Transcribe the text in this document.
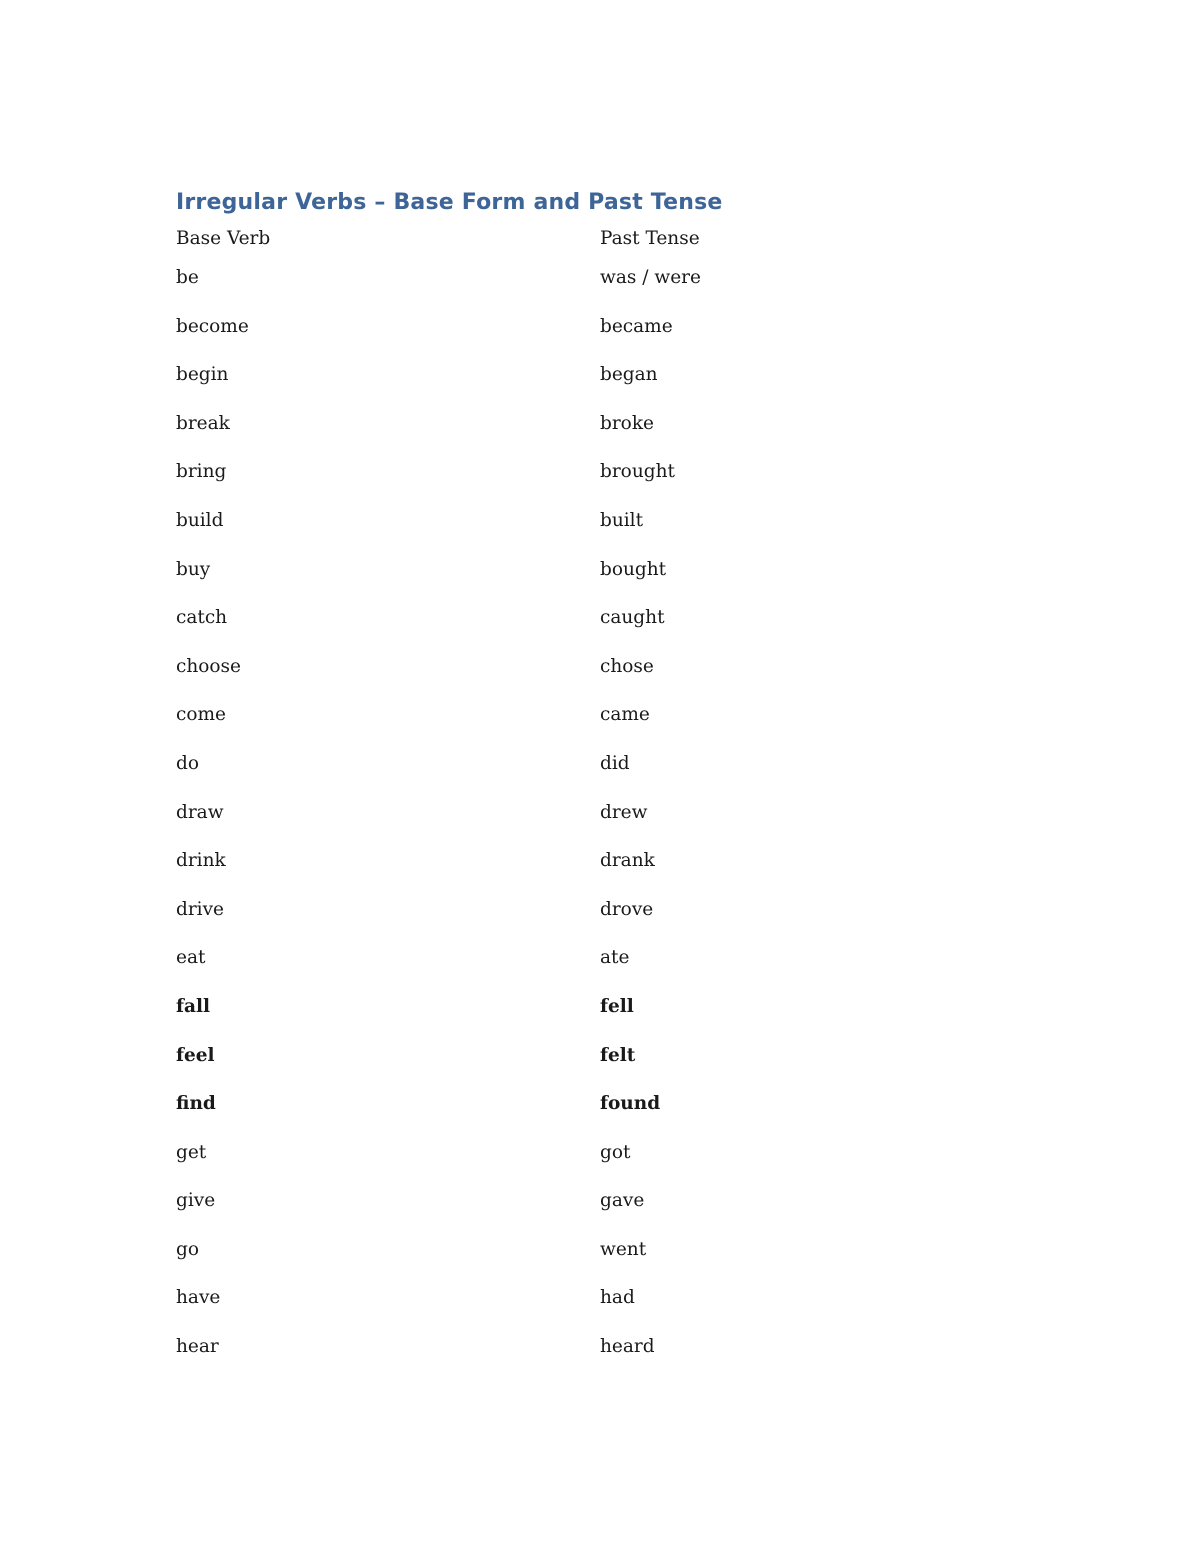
Irregular Verbs – Base Form and Past Tense
Base Verb	Past Tense
be	was / were
become	became
begin	began
break	broke
bring	brought
build	built
buy	bought
catch	caught
choose	chose
come	came
do	did
draw	drew
drink	drank
drive	drove
eat	ate
fall	fell
feel	felt
find	found
get	got
give	gave
go	went
have	had
hear	heard
